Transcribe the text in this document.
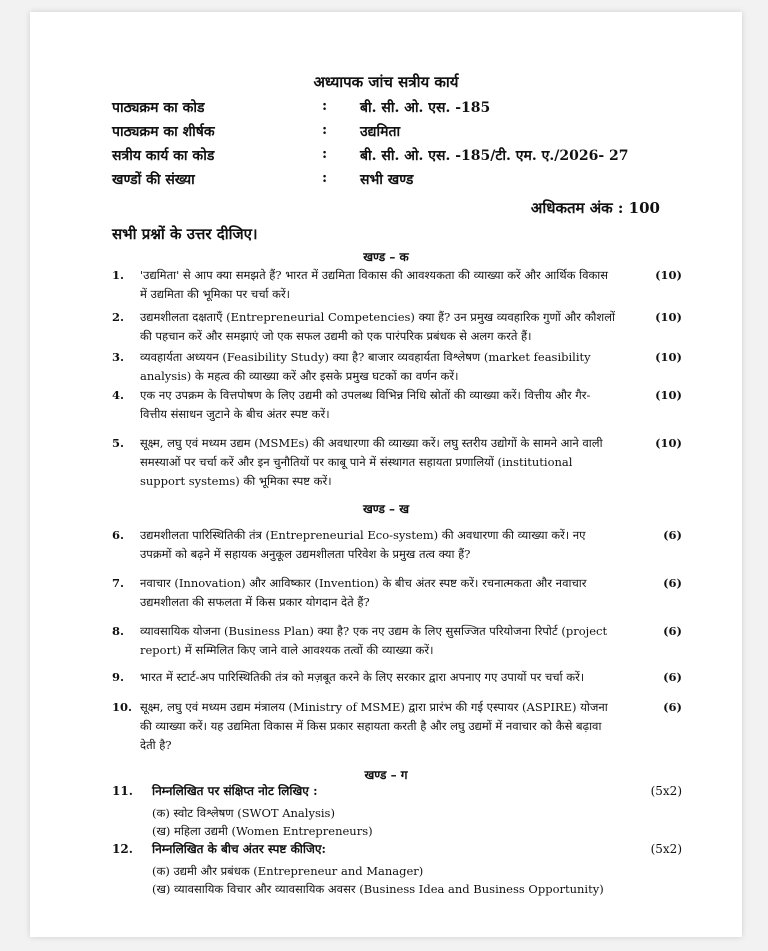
अध्यापक जांच सत्रीय कार्य
पाठ्यक्रम का कोड	: बी. सी. ओ. एस. -185
पाठ्यक्रम का शीर्षक	: उद्यमिता
सत्रीय कार्य का कोड	: बी. सी. ओ. एस. -185/टी. एम. ए./2026- 27
खण्डों की संख्या	: सभी खण्ड
अधिकतम अंक : 100
सभी प्रश्नों के उत्तर दीजिए।
खण्ड – क
1. 'उद्यमिता' से आप क्या समझते हैं? भारत में उद्यमिता विकास की आवश्यकता की व्याख्या करें और आर्थिक विकास में उद्यमिता की भूमिका पर चर्चा करें।
(10)
2. उद्यमशीलता दक्षताएँ (Entrepreneurial Competencies) क्या हैं? उन प्रमुख व्यवहारिक गुणों और कौशलों की पहचान करें और समझाएं जो एक सफल उद्यमी को एक पारंपरिक प्रबंधक से अलग करते हैं।
(10)
3. व्यवहार्यता अध्ययन (Feasibility Study) क्या है? बाजार व्यवहार्यता विश्लेषण (market feasibility analysis) के महत्व की व्याख्या करें और इसके प्रमुख घटकों का वर्णन करें।
(10)
4. एक नए उपक्रम के वित्तपोषण के लिए उद्यमी को उपलब्ध विभिन्न निधि स्रोतों की व्याख्या करें। वित्तीय और गैर-वित्तीय संसाधन जुटाने के बीच अंतर स्पष्ट करें।
(10)
5. सूक्ष्म, लघु एवं मध्यम उद्यम (MSMEs) की अवधारणा की व्याख्या करें। लघु स्तरीय उद्योगों के सामने आने वाली समस्याओं पर चर्चा करें और इन चुनौतियों पर काबू पाने में संस्थागत सहायता प्रणालियों (institutional support systems) की भूमिका स्पष्ट करें।
(10)
खण्ड – ख
6. उद्यमशीलता पारिस्थितिकी तंत्र (Entrepreneurial Eco-system) की अवधारणा की व्याख्या करें। नए उपक्रमों को बढ़ने में सहायक अनुकूल उद्यमशीलता परिवेश के प्रमुख तत्व क्या हैं?
(6)
7. नवाचार (Innovation) और आविष्कार (Invention) के बीच अंतर स्पष्ट करें। रचनात्मकता और नवाचार उद्यमशीलता की सफलता में किस प्रकार योगदान देते हैं?
(6)
8. व्यावसायिक योजना (Business Plan) क्या है? एक नए उद्यम के लिए सुसज्जित परियोजना रिपोर्ट (project report) में सम्मिलित किए जाने वाले आवश्यक तत्वों की व्याख्या करें।
(6)
9. भारत में स्टार्ट-अप पारिस्थितिकी तंत्र को मज़बूत करने के लिए सरकार द्वारा अपनाए गए उपायों पर चर्चा करें।	(6)
10. सूक्ष्म, लघु एवं मध्यम उद्यम मंत्रालय (Ministry of MSME) द्वारा प्रारंभ की गई एस्पायर (ASPIRE) योजना की व्याख्या करें। यह उद्यमिता विकास में किस प्रकार सहायता करती है और लघु उद्यमों में नवाचार को कैसे बढ़ावा देती है?
(6)
खण्ड – ग
11. निम्नलिखित पर संक्षिप्त नोट लिखिए :	(5x2)
(क) स्वोट विश्लेषण (SWOT Analysis)
(ख) महिला उद्यमी (Women Entrepreneurs)
12. निम्नलिखित के बीच अंतर स्पष्ट कीजिए:	(5x2)
(क) उद्यमी और प्रबंधक (Entrepreneur and Manager)
(ख) व्यावसायिक विचार और व्यावसायिक अवसर (Business Idea and Business Opportunity)
